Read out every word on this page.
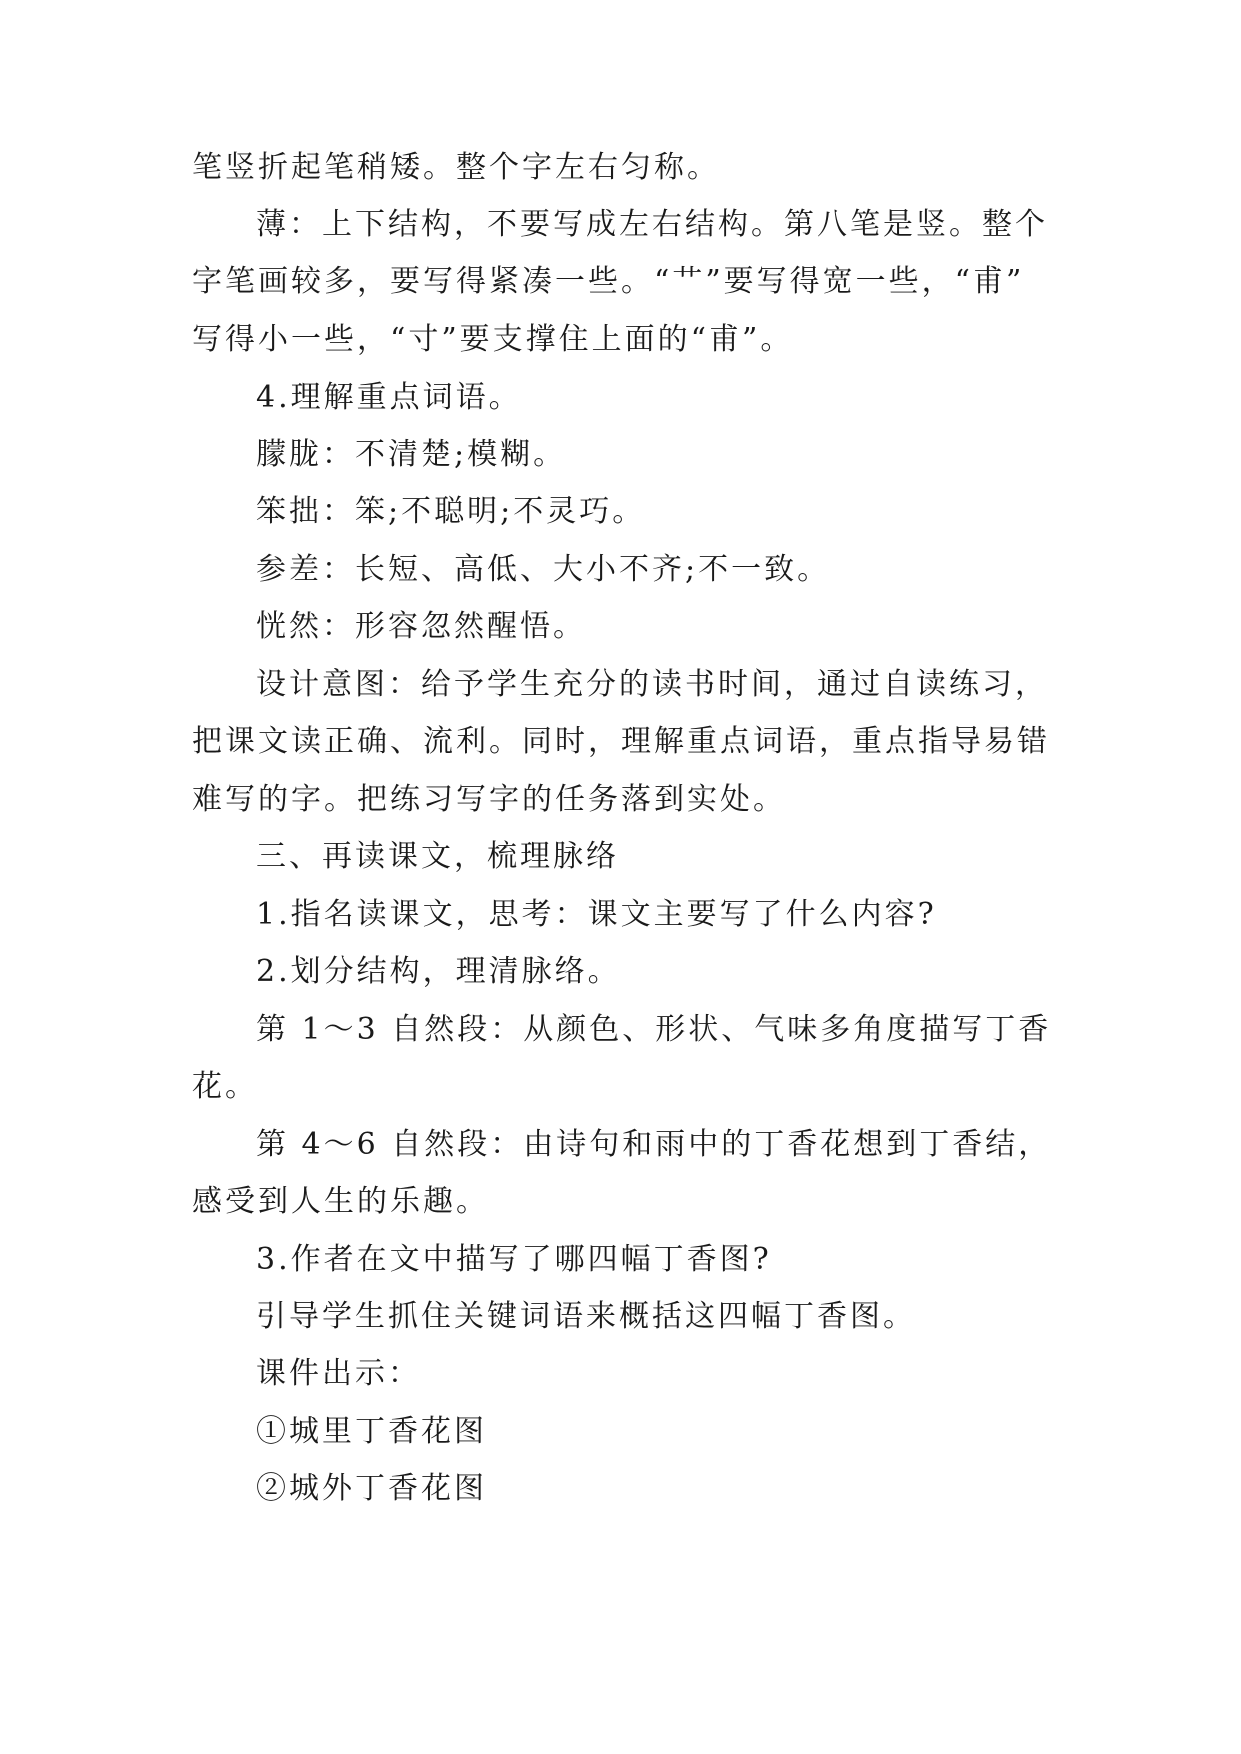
笔竖折起笔稍矮。整个字左右匀称。
薄：上下结构，不要写成左右结构。第八笔是竖。整个
字笔画较多，要写得紧凑一些。“艹”要写得宽一些，“甫”
写得小一些，“寸”要支撑住上面的“甫”。
4.理解重点词语。
朦胧：不清楚;模糊。
笨拙：笨;不聪明;不灵巧。
参差：长短、高低、大小不齐;不一致。
恍然：形容忽然醒悟。
设计意图：给予学生充分的读书时间，通过自读练习，
把课文读正确、流利。同时，理解重点词语，重点指导易错
难写的字。把练习写字的任务落到实处。
三、再读课文，梳理脉络
1.指名读课文，思考：课文主要写了什么内容?
2.划分结构，理清脉络。
第 1～3 自然段：从颜色、形状、气味多角度描写丁香
花。
第 4～6 自然段：由诗句和雨中的丁香花想到丁香结，
感受到人生的乐趣。
3.作者在文中描写了哪四幅丁香图?
引导学生抓住关键词语来概括这四幅丁香图。
课件出示：
①城里丁香花图
②城外丁香花图
